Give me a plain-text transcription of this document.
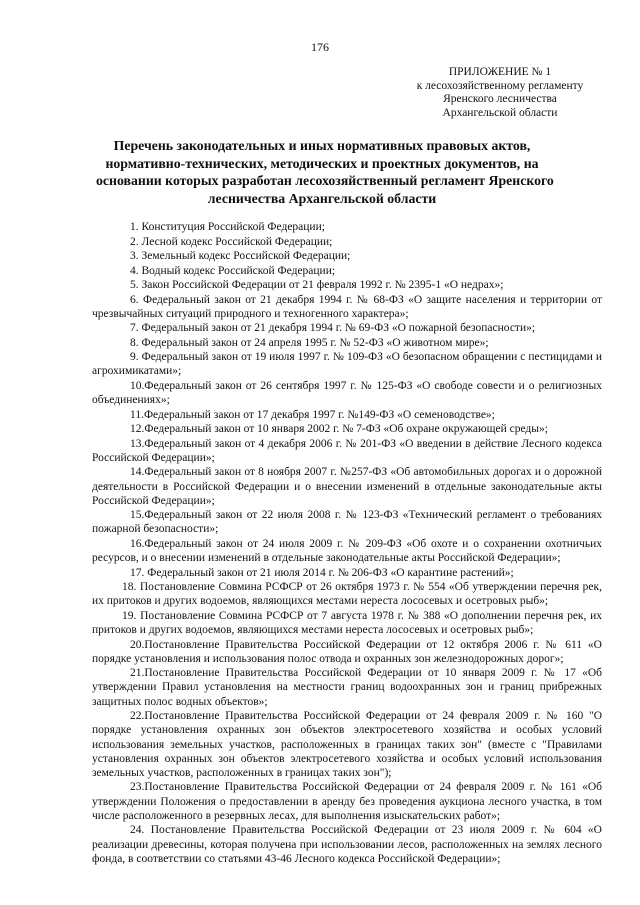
176
ПРИЛОЖЕНИЕ № 1
к лесохозяйственному регламенту
Яренского лесничества
Архангельской области
Перечень законодательных и иных нормативных правовых актов,
нормативно-технических, методических и проектных документов, на
основании которых разработан лесохозяйственный регламент Яренского
лесничества Архангельской области
1. Конституция Российской Федерации;
2. Лесной кодекс Российской Федерации;
3. Земельный кодекс Российской Федерации;
4. Водный кодекс Российской Федерации;
5. Закон Российской Федерации от 21 февраля 1992 г. № 2395-1 «О недрах»;
6. Федеральный закон от 21 декабря 1994 г. № 68-ФЗ «О защите населения и территории от чрезвычайных ситуаций природного и техногенного характера»;
7. Федеральный закон от 21 декабря 1994 г. № 69-ФЗ «О пожарной безопасности»;
8. Федеральный закон от 24 апреля 1995 г. № 52-ФЗ «О животном мире»;
9. Федеральный закон от 19 июля 1997 г. № 109-ФЗ «О безопасном обращении с пестицидами и агрохимикатами»;
10.Федеральный закон от 26 сентября 1997 г. № 125-ФЗ «О свободе совести и о религиозных объединениях»;
11.Федеральный закон от 17 декабря 1997 г. №149-ФЗ «О семеноводстве»;
12.Федеральный закон от 10 января 2002 г. № 7-ФЗ «Об охране окружающей среды»;
13.Федеральный закон от 4 декабря 2006 г. № 201-ФЗ «О введении в действие Лесного кодекса Российской Федерации»;
14.Федеральный закон от 8 ноября 2007 г. №257-ФЗ «Об автомобильных дорогах и о дорожной деятельности в Российской Федерации и о внесении изменений в отдельные законодательные акты Российской Федерации»;
15.Федеральный закон от 22 июля 2008 г. № 123-ФЗ «Технический регламент о требованиях пожарной безопасности»;
16.Федеральный закон от 24 июля 2009 г. № 209-ФЗ «Об охоте и о сохранении охотничьих ресурсов, и о внесении изменений в отдельные законодательные акты Российской Федерации»;
17. Федеральный закон от 21 июля 2014 г. № 206-ФЗ «О карантине растений»;
18. Постановление Совмина РСФСР от 26 октября 1973 г. № 554 «Об утверждении перечня рек, их притоков и других водоемов, являющихся местами нереста лососевых и осетровых рыб»;
19. Постановление Совмина РСФСР от 7 августа 1978 г. № 388 «О дополнении перечня рек, их притоков и других водоемов, являющихся местами нереста лососевых и осетровых рыб»;
20.Постановление Правительства Российской Федерации от 12 октября 2006 г. № 611 «О порядке установления и использования полос отвода и охранных зон железнодорожных дорог»;
21.Постановление Правительства Российской Федерации от 10 января 2009 г. № 17 «Об утверждении Правил установления на местности границ водоохранных зон и границ прибрежных защитных полос водных объектов»;
22.Постановление Правительства Российской Федерации от 24 февраля 2009 г. № 160 "О порядке установления охранных зон объектов электросетевого хозяйства и особых условий использования земельных участков, расположенных в границах таких зон" (вместе с "Правилами установления охранных зон объектов электросетевого хозяйства и особых условий использования земельных участков, расположенных в границах таких зон");
23.Постановление Правительства Российской Федерации от 24 февраля 2009 г. № 161 «Об утверждении Положения о предоставлении в аренду без проведения аукциона лесного участка, в том числе расположенного в резервных лесах, для выполнения изыскательских работ»;
24. Постановление Правительства Российской Федерации от 23 июля 2009 г. № 604 «О реализации древесины, которая получена при использовании лесов, расположенных на землях лесного фонда, в соответствии со статьями 43-46 Лесного кодекса Российской Федерации»;
